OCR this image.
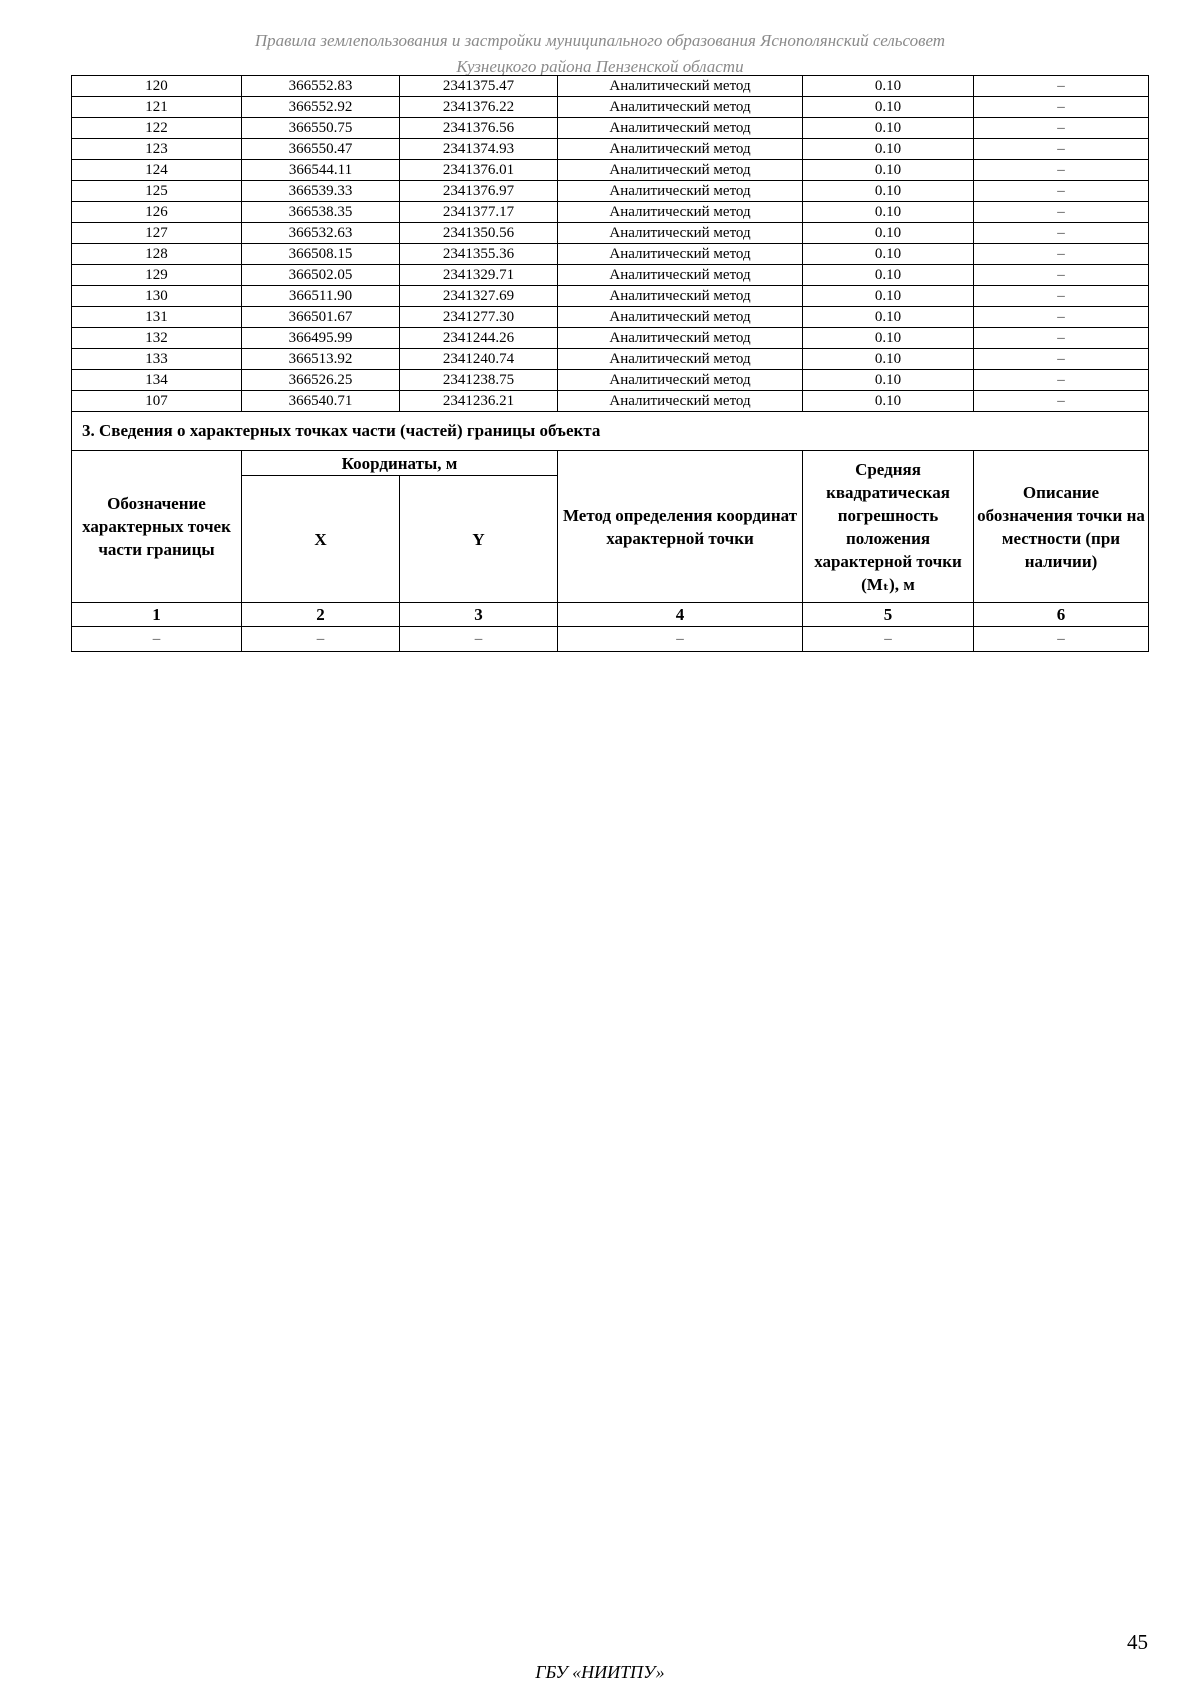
Правила землепользования и застройки муниципального образования Яснополянский сельсовет
Кузнецкого района Пензенской области
120	366552.83	2341375.47	Аналитический метод	0.10	–
121	366552.92	2341376.22	Аналитический метод	0.10	–
122	366550.75	2341376.56	Аналитический метод	0.10	–
123	366550.47	2341374.93	Аналитический метод	0.10	–
124	366544.11	2341376.01	Аналитический метод	0.10	–
125	366539.33	2341376.97	Аналитический метод	0.10	–
126	366538.35	2341377.17	Аналитический метод	0.10	–
127	366532.63	2341350.56	Аналитический метод	0.10	–
128	366508.15	2341355.36	Аналитический метод	0.10	–
129	366502.05	2341329.71	Аналитический метод	0.10	–
130	366511.90	2341327.69	Аналитический метод	0.10	–
131	366501.67	2341277.30	Аналитический метод	0.10	–
132	366495.99	2341244.26	Аналитический метод	0.10	–
133	366513.92	2341240.74	Аналитический метод	0.10	–
134	366526.25	2341238.75	Аналитический метод	0.10	–
107	366540.71	2341236.21	Аналитический метод	0.10	–
3. Сведения о характерных точках части (частей) границы объекта					
Обозначение характерных точек части границы	Координаты, м		Метод определения координат характерной точки	Средняя квадратическая погрешность положения характерной точки (Mₜ), м	Описание обозначения точки на местности (при наличии)
	X	Y			
1	2	3	4	5	6
–	–	–	–	–	–
45
ГБУ «НИИТПУ»
